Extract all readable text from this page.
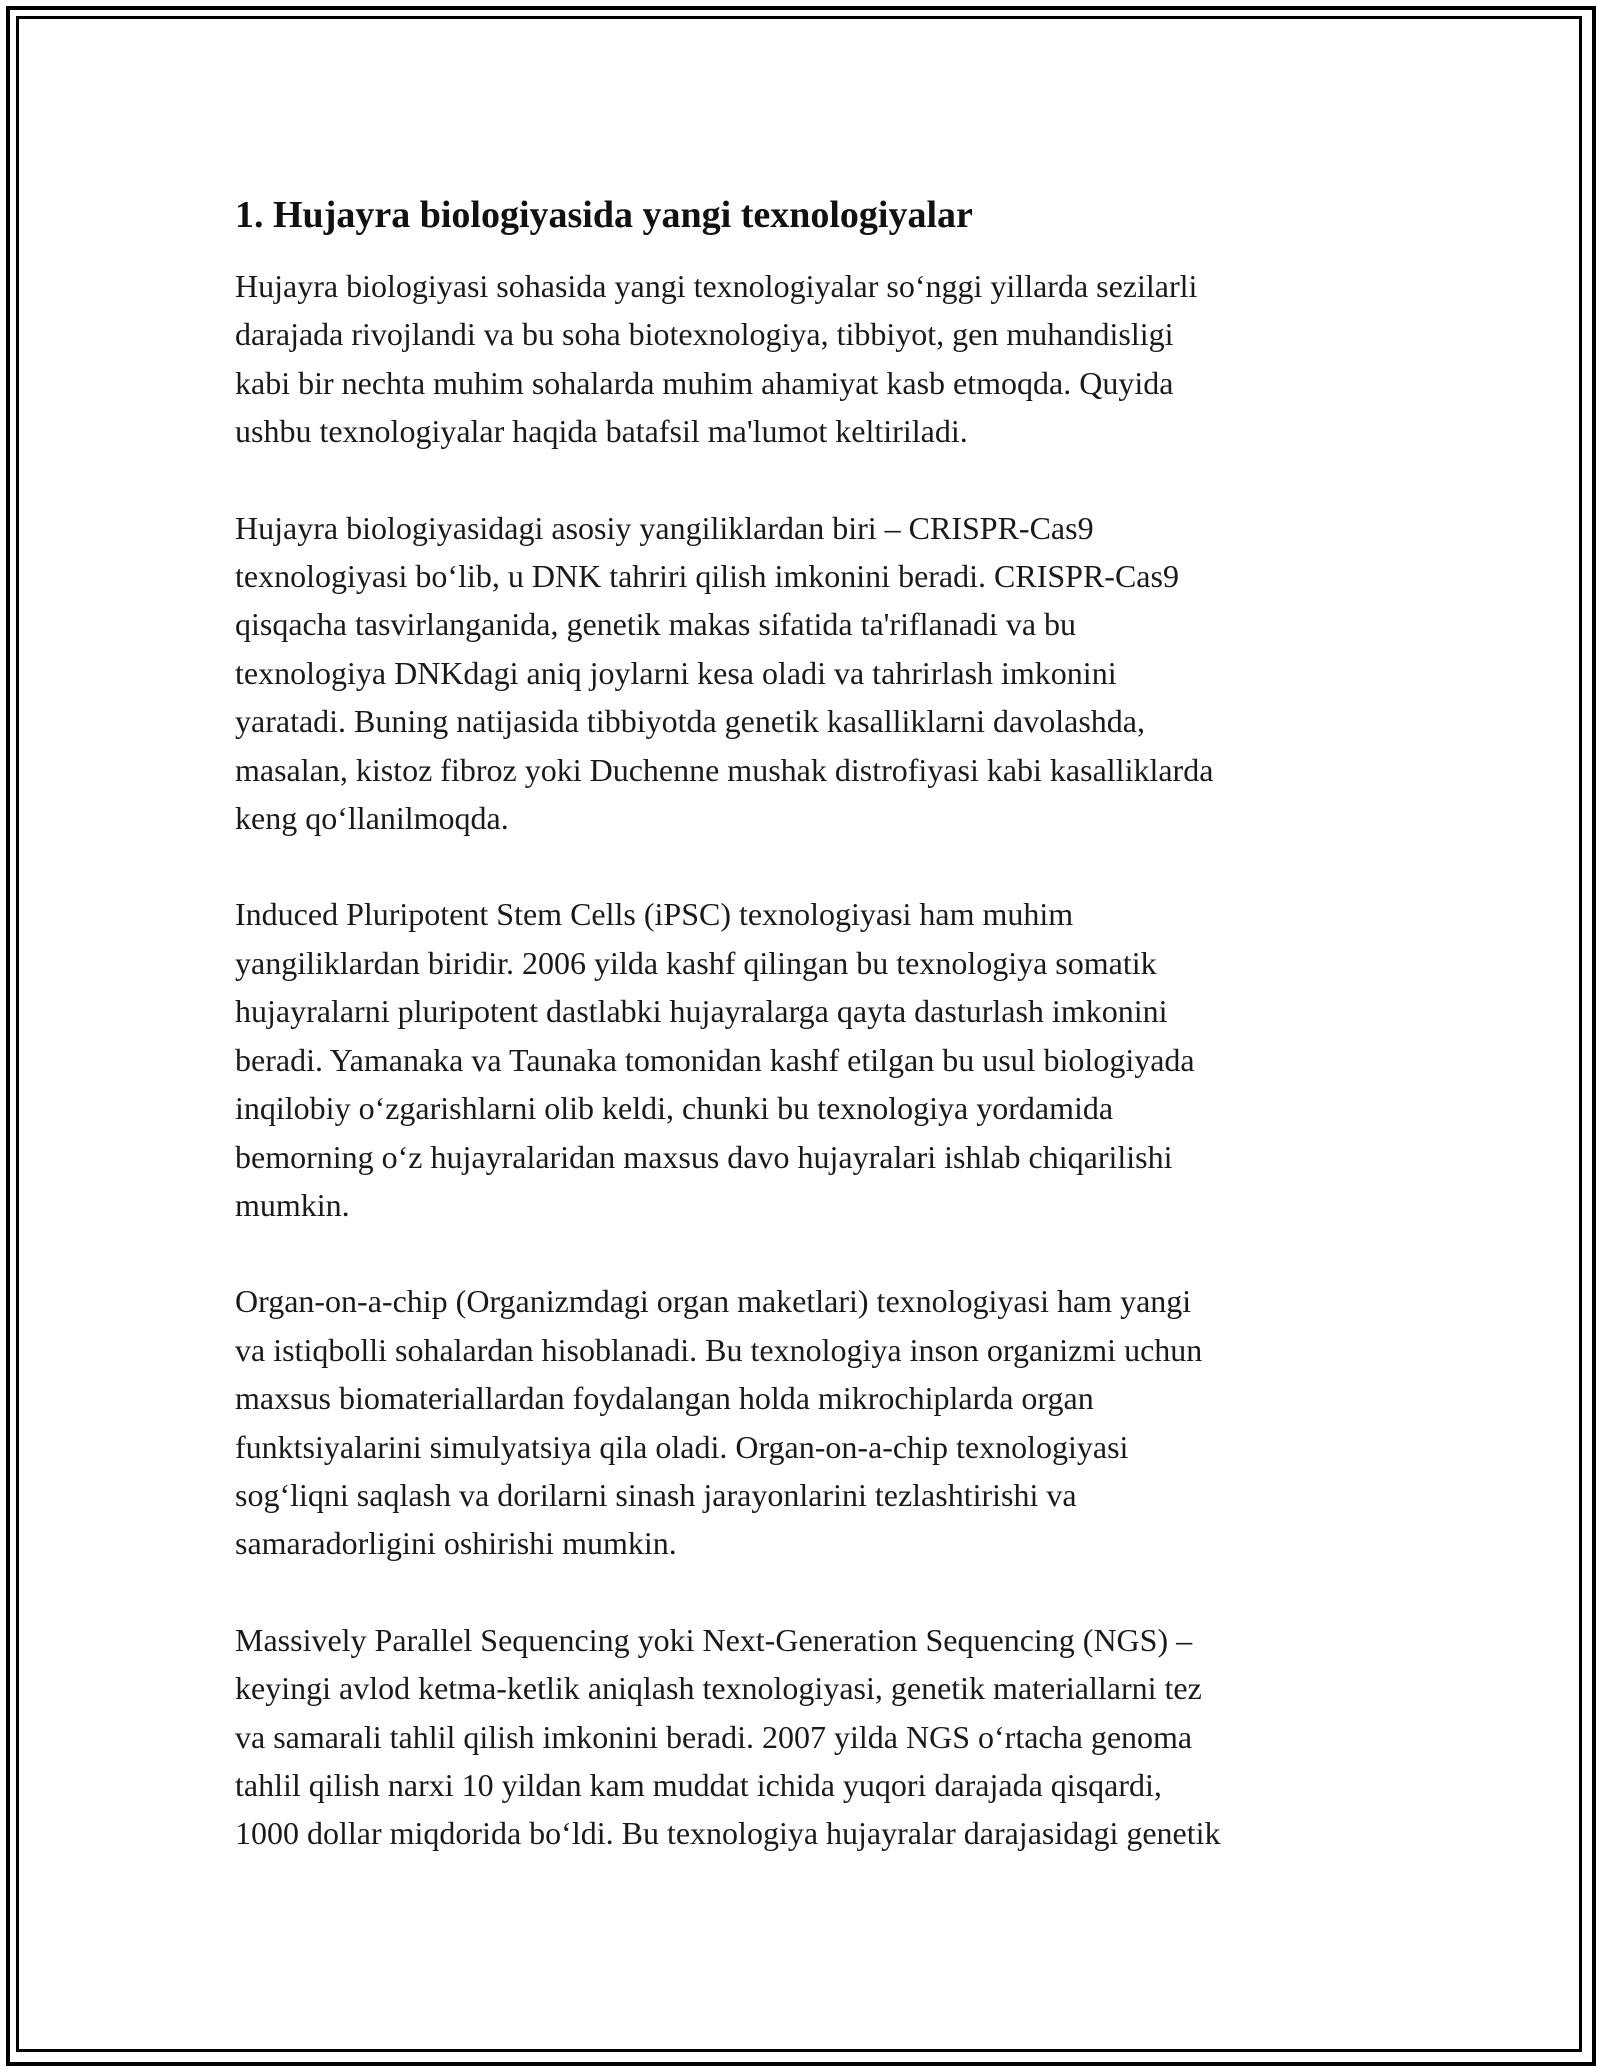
1. Hujayra biologiyasida yangi texnologiyalar

Hujayra biologiyasi sohasida yangi texnologiyalar so‘nggi yillarda sezilarli
darajada rivojlandi va bu soha biotexnologiya, tibbiyot, gen muhandisligi
kabi bir nechta muhim sohalarda muhim ahamiyat kasb etmoqda. Quyida
ushbu texnologiyalar haqida batafsil ma'lumot keltiriladi.

Hujayra biologiyasidagi asosiy yangiliklardan biri – CRISPR-Cas9
texnologiyasi bo‘lib, u DNK tahriri qilish imkonini beradi. CRISPR-Cas9
qisqacha tasvirlanganida, genetik makas sifatida ta'riflanadi va bu
texnologiya DNKdagi aniq joylarni kesa oladi va tahrirlash imkonini
yaratadi. Buning natijasida tibbiyotda genetik kasalliklarni davolashda,
masalan, kistoz fibroz yoki Duchenne mushak distrofiyasi kabi kasalliklarda
keng qo‘llanilmoqda.

Induced Pluripotent Stem Cells (iPSC) texnologiyasi ham muhim
yangiliklardan biridir. 2006 yilda kashf qilingan bu texnologiya somatik
hujayralarni pluripotent dastlabki hujayralarga qayta dasturlash imkonini
beradi. Yamanaka va Taunaka tomonidan kashf etilgan bu usul biologiyada
inqilobiy o‘zgarishlarni olib keldi, chunki bu texnologiya yordamida
bemorning o‘z hujayralaridan maxsus davo hujayralari ishlab chiqarilishi
mumkin.

Organ-on-a-chip (Organizmdagi organ maketlari) texnologiyasi ham yangi
va istiqbolli sohalardan hisoblanadi. Bu texnologiya inson organizmi uchun
maxsus biomateriallardan foydalangan holda mikrochiplarda organ
funktsiyalarini simulyatsiya qila oladi. Organ-on-a-chip texnologiyasi
sog‘liqni saqlash va dorilarni sinash jarayonlarini tezlashtirishi va
samaradorligini oshirishi mumkin.

Massively Parallel Sequencing yoki Next-Generation Sequencing (NGS) –
keyingi avlod ketma-ketlik aniqlash texnologiyasi, genetik materiallarni tez
va samarali tahlil qilish imkonini beradi. 2007 yilda NGS o‘rtacha genoma
tahlil qilish narxi 10 yildan kam muddat ichida yuqori darajada qisqardi,
1000 dollar miqdorida bo‘ldi. Bu texnologiya hujayralar darajasidagi genetik
